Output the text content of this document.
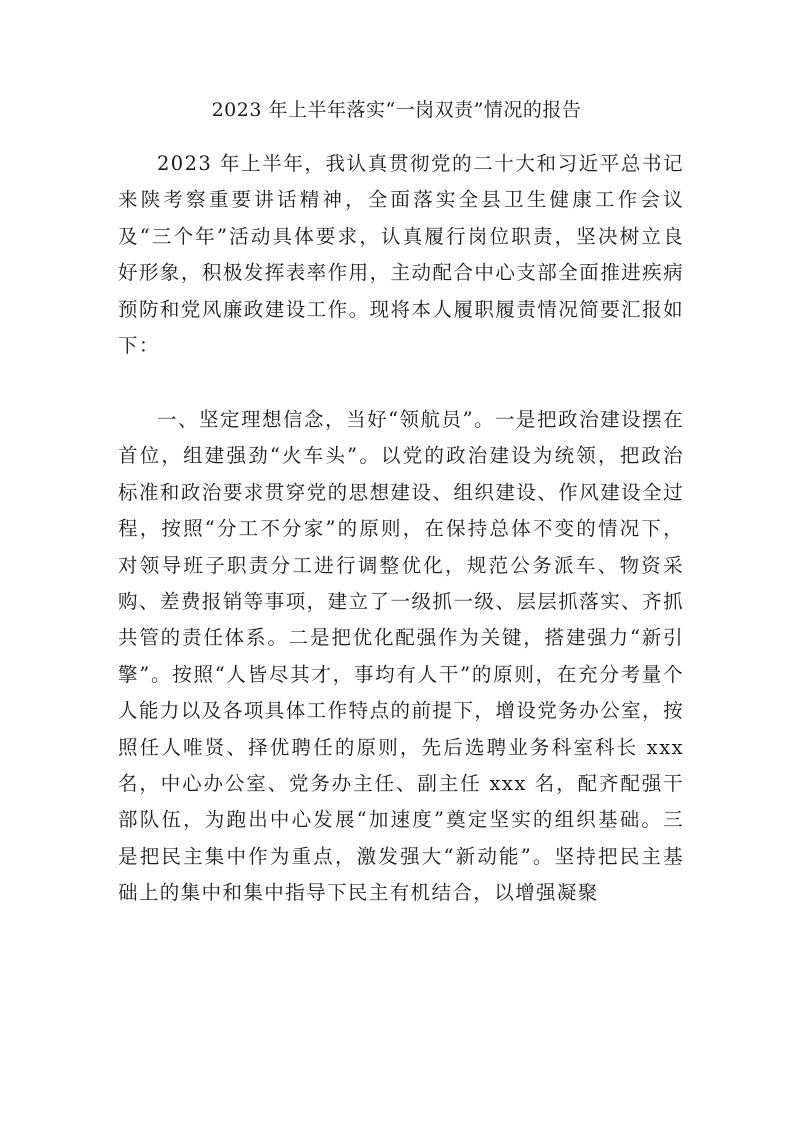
2023 年上半年落实“一岗双责”情况的报告

2023 年上半年，我认真贯彻党的二十大和习近平总书记来陕考察重要讲话精神，全面落实全县卫生健康工作会议及“三个年”活动具体要求，认真履行岗位职责，坚决树立良好形象，积极发挥表率作用，主动配合中心支部全面推进疾病预防和党风廉政建设工作。现将本人履职履责情况简要汇报如下：

一、坚定理想信念，当好“领航员”。一是把政治建设摆在首位，组建强劲“火车头”。以党的政治建设为统领，把政治标准和政治要求贯穿党的思想建设、组织建设、作风建设全过程，按照“分工不分家”的原则，在保持总体不变的情况下，对领导班子职责分工进行调整优化，规范公务派车、物资采购、差费报销等事项，建立了一级抓一级、层层抓落实、齐抓共管的责任体系。二是把优化配强作为关键，搭建强力“新引擎”。按照“人皆尽其才，事均有人干”的原则，在充分考量个人能力以及各项具体工作特点的前提下，增设党务办公室，按照任人唯贤、择优聘任的原则，先后选聘业务科室科长 xxx 名，中心办公室、党务办主任、副主任 xxx 名，配齐配强干部队伍，为跑出中心发展“加速度”奠定坚实的组织基础。三是把民主集中作为重点，激发强大“新动能”。坚持把民主基础上的集中和集中指导下民主有机结合，以增强凝聚
